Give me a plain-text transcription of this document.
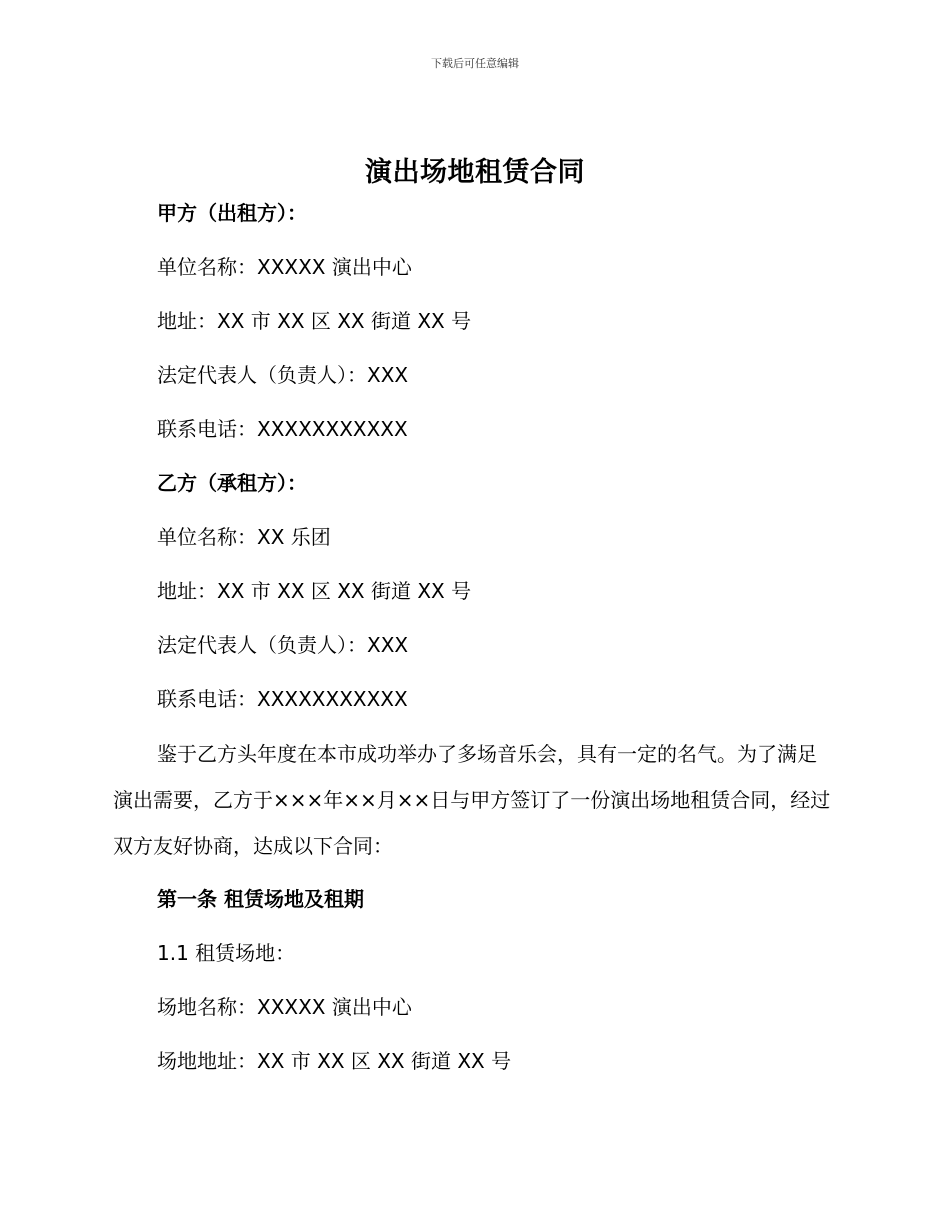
下载后可任意编辑
演出场地租赁合同
甲方（出租方）：
单位名称：XXXXX 演出中心
地址：XX 市 XX 区 XX 街道 XX 号
法定代表人（负责人）：XXX
联系电话：XXXXXXXXXXX
乙方（承租方）：
单位名称：XX 乐团
地址：XX 市 XX 区 XX 街道 XX 号
法定代表人（负责人）：XXX
联系电话：XXXXXXXXXXX
鉴于乙方头年度在本市成功举办了多场音乐会，具有一定的名气。为了满足演出需要，乙方于×××年××月××日与甲方签订了一份演出场地租赁合同，经过双方友好协商，达成以下合同：
第一条 租赁场地及租期
1.1 租赁场地：
场地名称：XXXXX 演出中心
场地地址：XX 市 XX 区 XX 街道 XX 号
